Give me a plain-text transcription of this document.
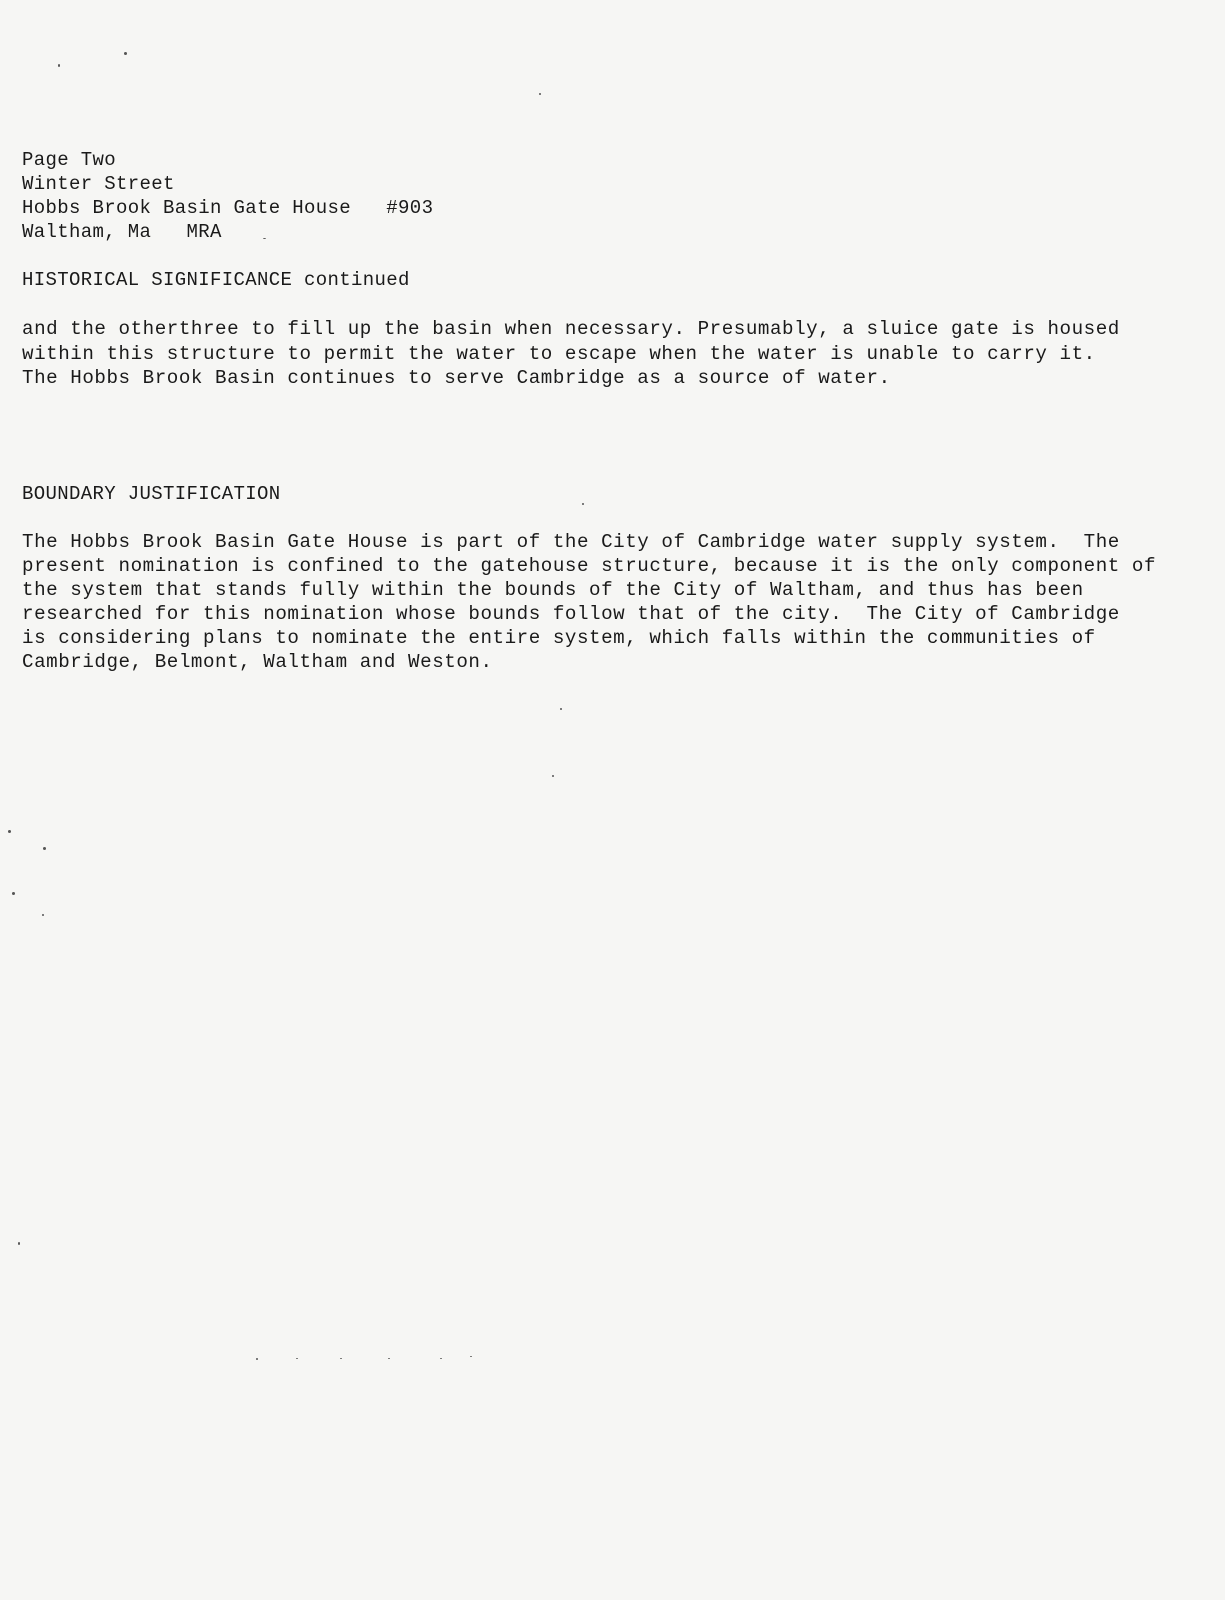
Page Two
Winter Street
Hobbs Brook Basin Gate House   #903
Waltham, Ma   MRA
HISTORICAL SIGNIFICANCE continued
and the otherthree to fill up the basin when necessary. Presumably, a sluice gate is housed
within this structure to permit the water to escape when the water is unable to carry it.
The Hobbs Brook Basin continues to serve Cambridge as a source of water.
BOUNDARY JUSTIFICATION
The Hobbs Brook Basin Gate House is part of the City of Cambridge water supply system.  The
present nomination is confined to the gatehouse structure, because it is the only component of
the system that stands fully within the bounds of the City of Waltham, and thus has been
researched for this nomination whose bounds follow that of the city.  The City of Cambridge
is considering plans to nominate the entire system, which falls within the communities of
Cambridge, Belmont, Waltham and Weston.
